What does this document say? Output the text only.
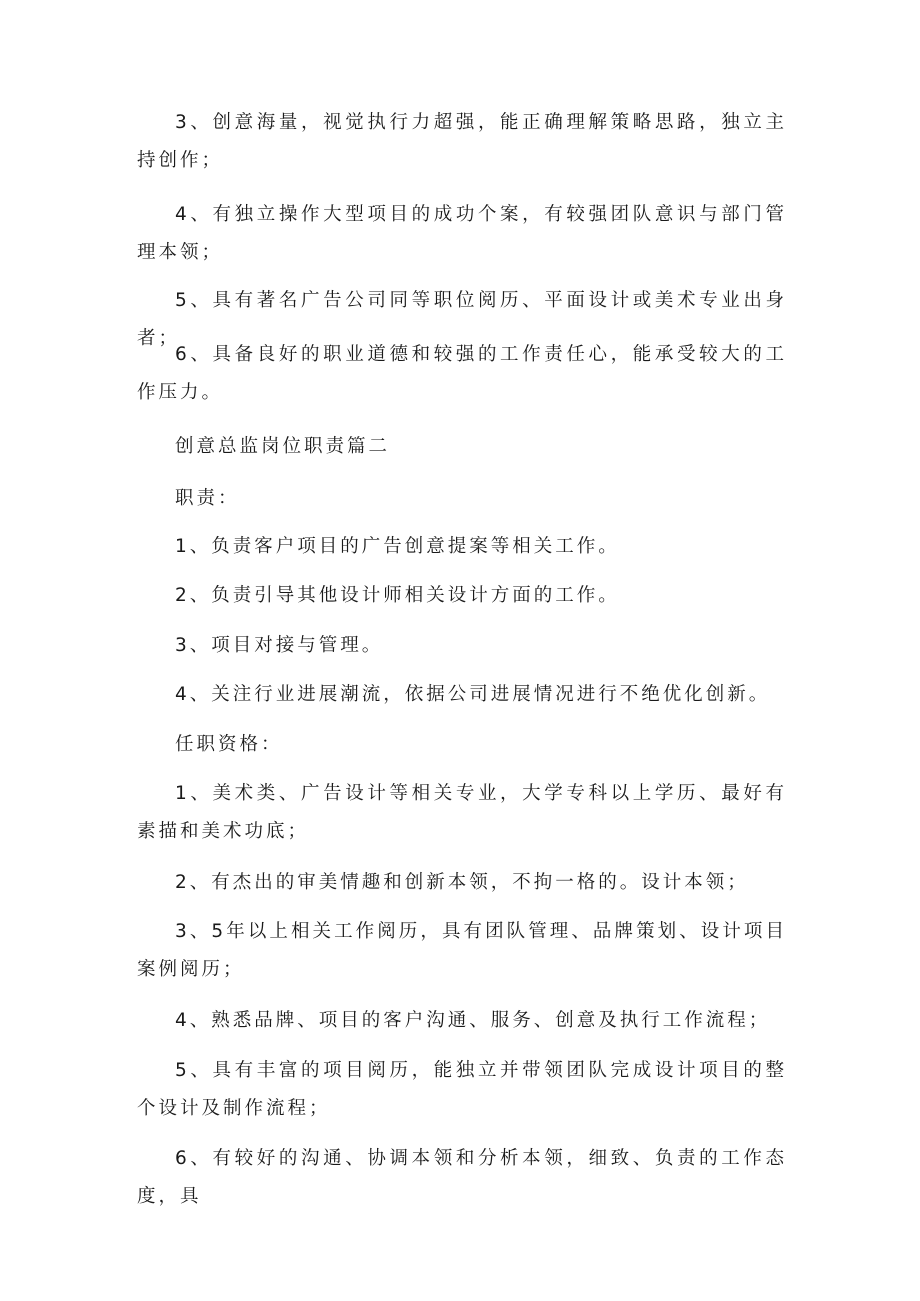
3、创意海量，视觉执行力超强，能正确理解策略思路，独立主持创作；

4、有独立操作大型项目的成功个案，有较强团队意识与部门管理本领；

5、具有著名广告公司同等职位阅历、平面设计或美术专业出身者；

6、具备良好的职业道德和较强的工作责任心，能承受较大的工作压力。

创意总监岗位职责篇二

职责：

1、负责客户项目的广告创意提案等相关工作。

2、负责引导其他设计师相关设计方面的工作。

3、项目对接与管理。

4、关注行业进展潮流，依据公司进展情况进行不绝优化创新。

任职资格：

1、美术类、广告设计等相关专业，大学专科以上学历、最好有素描和美术功底；

2、有杰出的审美情趣和创新本领，不拘一格的。设计本领；

3、5年以上相关工作阅历，具有团队管理、品牌策划、设计项目案例阅历；

4、熟悉品牌、项目的客户沟通、服务、创意及执行工作流程；

5、具有丰富的项目阅历，能独立并带领团队完成设计项目的整个设计及制作流程；

6、有较好的沟通、协调本领和分析本领，细致、负责的工作态度，具
